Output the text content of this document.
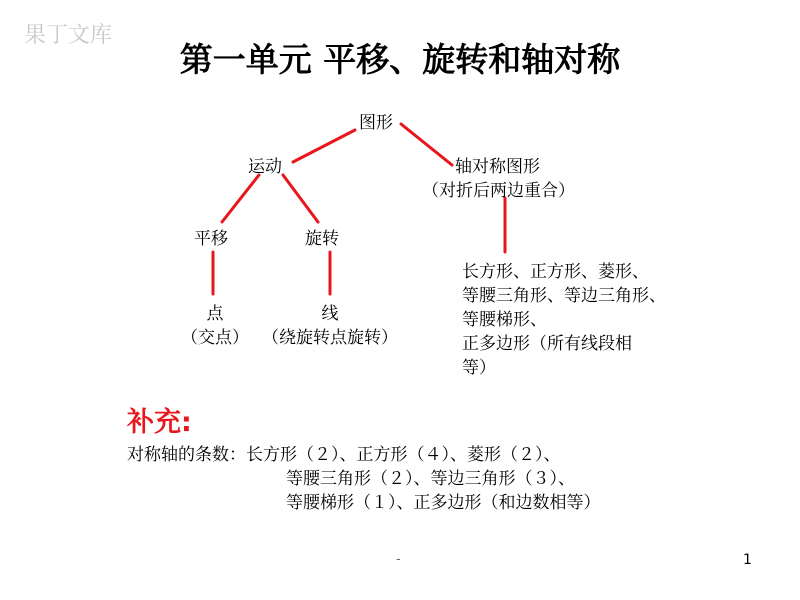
果丁文库
第一单元 平移、旋转和轴对称
图形
运动	轴对称图形
（对折后两边重合）
平移	旋转
点
（交点）
线
（绕旋转点旋转）
长方形、正方形、菱形、
等腰三角形、等边三角形、
等腰梯形、
正多边形（所有线段相
等）
补充:
对称轴的条数：长方形（２）、正方形（４）、菱形（２）、
等腰三角形（２）、等边三角形（３）、
等腰梯形（１）、正多边形（和边数相等）
-	1
